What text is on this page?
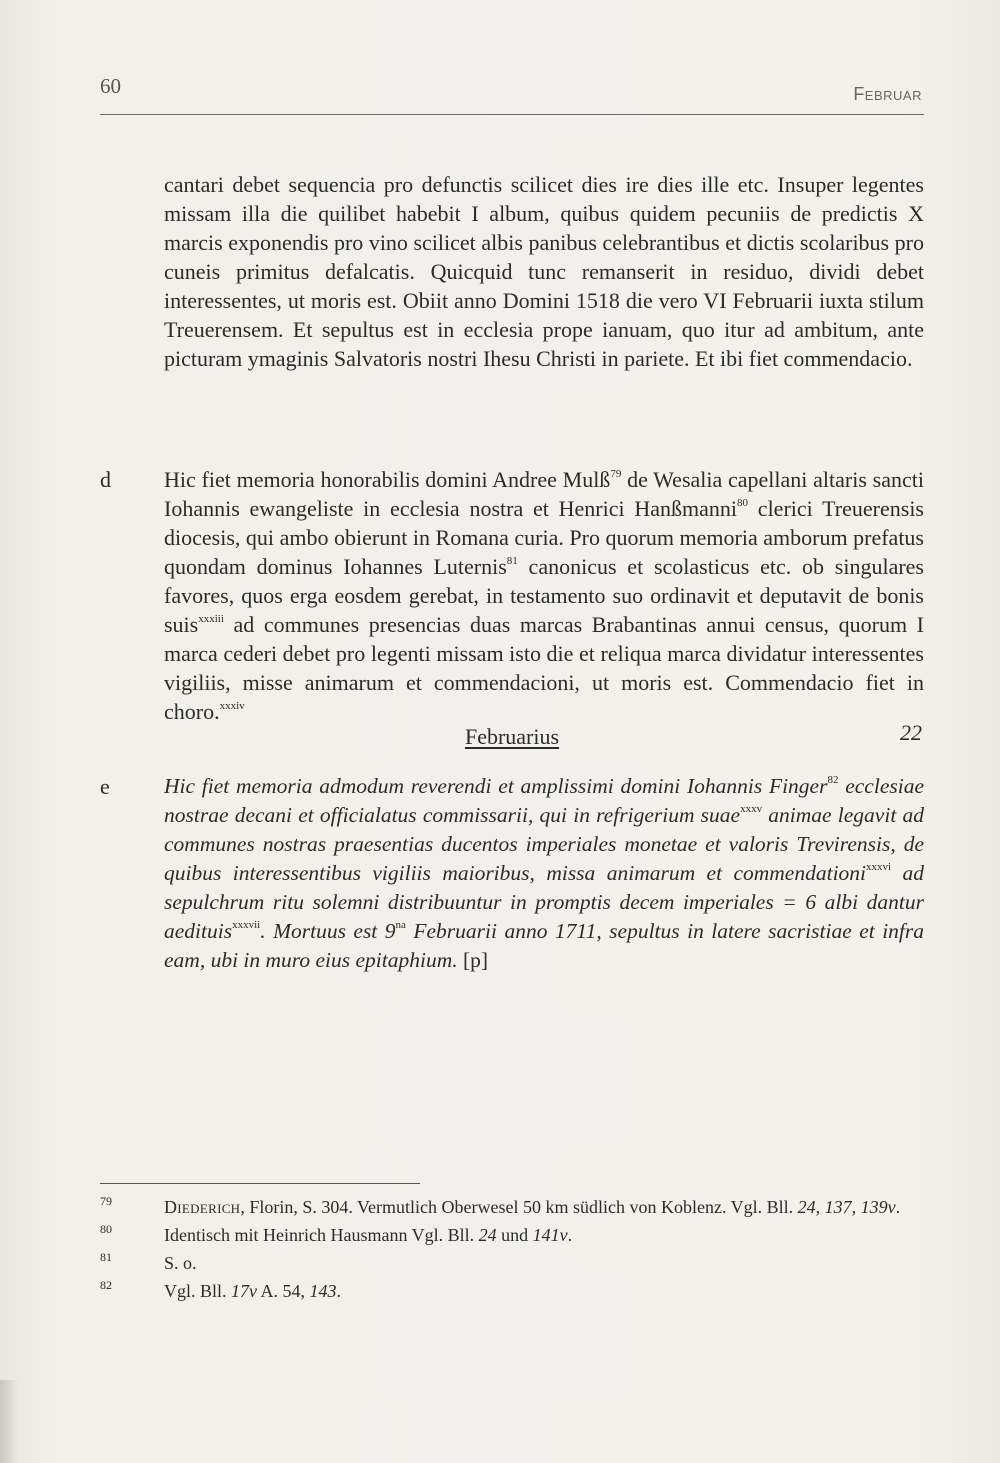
60	Februar
cantari debet sequencia pro defunctis scilicet dies ire dies ille etc. Insuper legentes missam illa die quilibet habebit I album, quibus quidem pecuniis de predictis X marcis exponendis pro vino scilicet albis panibus celebrantibus et dictis scolaribus pro cuneis primitus defalcatis. Quicquid tunc remanserit in residuo, dividi debet interessentes, ut moris est. Obiit anno Domini 1518 die vero VI Februarii iuxta stilum Treuerensem. Et sepultus est in ecclesia prope ianuam, quo itur ad ambitum, ante picturam ymaginis Salvatoris nostri Ihesu Christi in pariete. Et ibi fiet commendacio.
d Hic fiet memoria honorabilis domini Andree Mulß$^{79}$ de Wesalia capellani altaris sancti Iohannis ewangeliste in ecclesia nostra et Henrici Hanßmanni$^{80}$ clerici Treuerensis diocesis, qui ambo obierunt in Romana curia. Pro quorum memoria amborum prefatus quondam dominus Iohannes Luternis$^{81}$ canonicus et scolasticus etc. ob singulares favores, quos erga eosdem gerebat, in testamento suo ordinavit et deputavit de bonis suis$^{xxxiii}$ ad communes presencias duas marcas Brabantinas annui census, quorum I marca cederi debet pro legenti missam isto die et reliqua marca dividatur interessentes vigiliis, misse animarum et commendacioni, ut moris est. Commendacio fiet in choro.$^{xxxiv}$
Februarius	22
e	Hic fiet memoria admodum reverendi et amplissimi domini Iohannis Finger$^{82}$ ecclesiae nostrae decani et officialatus commissarii, qui in refrigerium suae$^{xxxv}$ animae legavit ad communes nostras praesentias ducentos imperiales monetae et valoris Trevirensis, de quibus interessentibus vigiliis maioribus, missa animarum et commendationi$^{xxxvi}$ ad sepulchrum ritu solemni distribuuntur in promptis decem imperiales = 6 albi dantur aedituis$^{xxxvii}$. Mortuus est $9^{na}$ Februarii anno 1711, sepultus in latere sacristiae et infra eam, ubi in muro eius epitaphium. [p]
79	Diederich, Florin, S. 304. Vermutlich Oberwesel 50 km südlich von Koblenz. Vgl. Bll. 24, 137, 139v.
80	Identisch mit Heinrich Hausmann Vgl. Bll. 24 und 141v.
81	S. o.
82	Vgl. Bll. 17v A. 54, 143.
